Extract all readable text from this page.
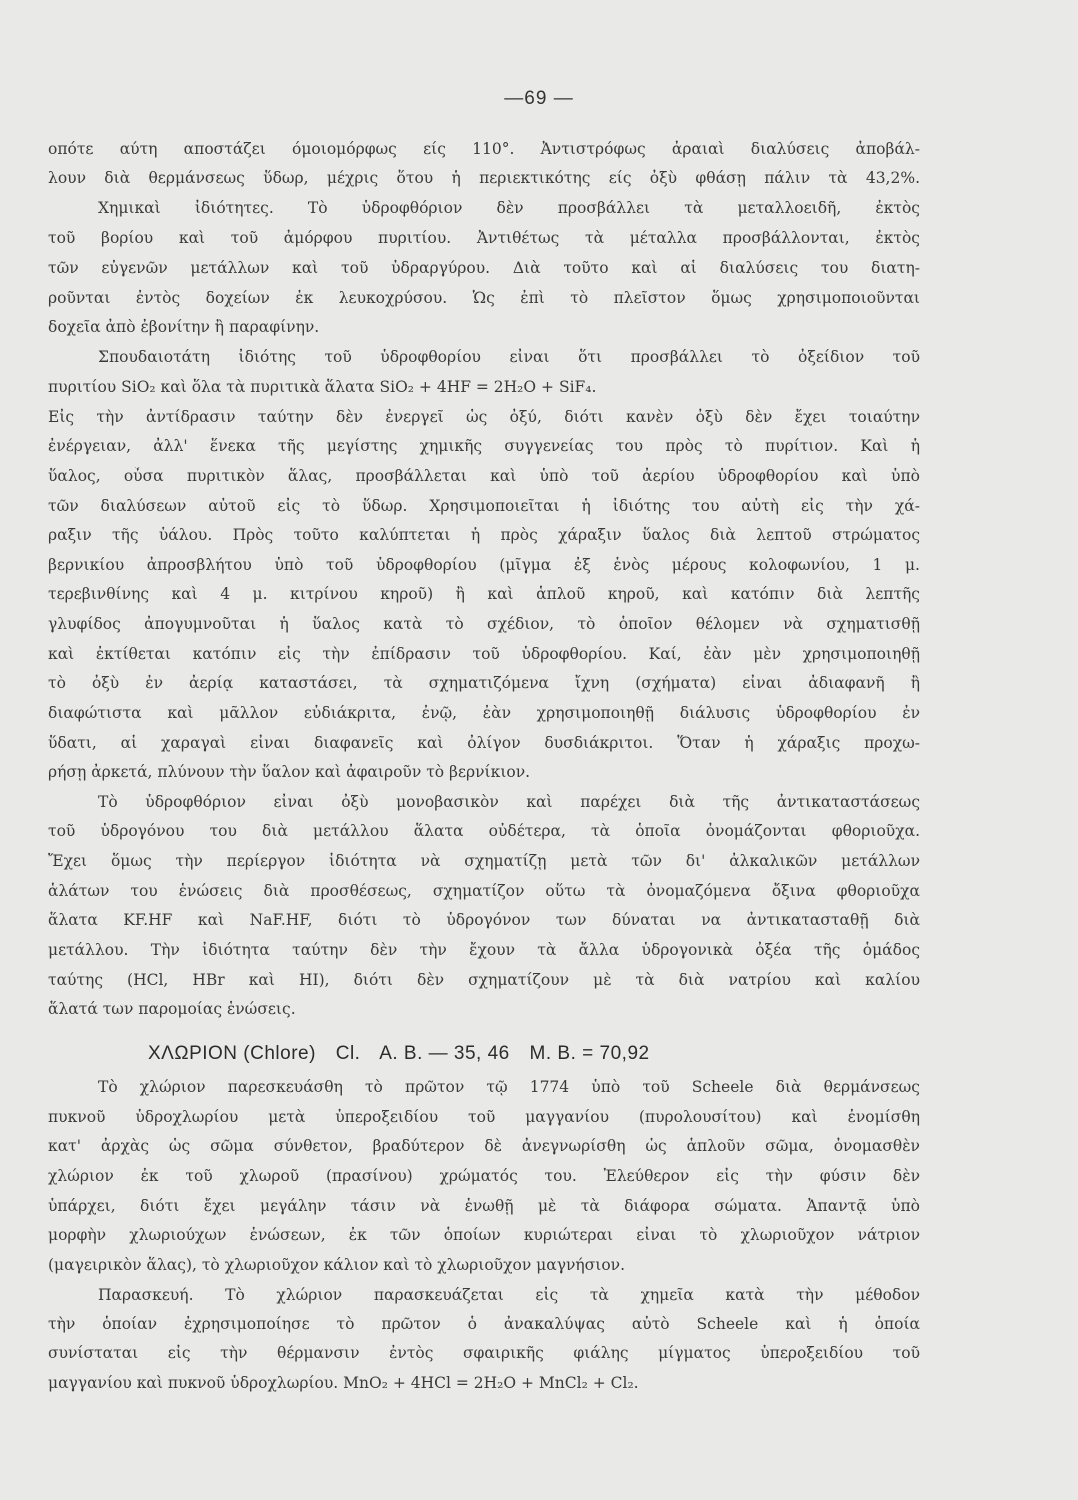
—69 —
οπότε αύτη αποστάζει όμοιομόρφως είς 110°. Ἀντιστρόφως ἀραιαὶ διαλύσεις ἀποβάλ-
λουν διὰ θερμάνσεως ὕδωρ, μέχρις ὅτου ἡ περιεκτικότης είς ὀξὺ φθάσῃ πάλιν τὰ 43,2%.
Χημικαὶ ἰδιότητες. Τὸ ὑδροφθόριον δὲν προσβάλλει τὰ μεταλλοειδῆ, ἐκτὸς
τοῦ βορίου καὶ τοῦ ἀμόρφου πυριτίου. Ἀντιθέτως τὰ μέταλλα προσβάλλονται, ἐκτὸς
τῶν εὐγενῶν μετάλλων καὶ τοῦ ὑδραργύρου. Διὰ τοῦτο καὶ αἱ διαλύσεις του διατη-
ροῦνται ἐντὸς δοχείων ἐκ λευκοχρύσου. Ὡς ἐπὶ τὸ πλεῖστον ὅμως χρησιμοποιοῦνται
δοχεῖα ἀπὸ ἐβονίτην ἢ παραφίνην.
Σπουδαιοτάτη ἰδιότης τοῦ ὑδροφθορίου εἶναι ὅτι προσβάλλει τὸ ὀξείδιον τοῦ
πυριτίου SiO₂ καὶ ὅλα τὰ πυριτικὰ ἅλατα SiO₂ + 4HF = 2H₂O + SiF₄.
Εἰς τὴν ἀντίδρασιν ταύτην δὲν ἐνεργεῖ ὡς ὀξύ, διότι κανὲν ὀξὺ δὲν ἔχει τοιαύτην
ἐνέργειαν, ἀλλ' ἕνεκα τῆς μεγίστης χημικῆς συγγενείας του πρὸς τὸ πυρίτιον. Καὶ ἡ
ὕαλος, οὖσα πυριτικὸν ἅλας, προσβάλλεται καὶ ὑπὸ τοῦ ἀερίου ὑδροφθορίου καὶ ὑπὸ
τῶν διαλύσεων αὐτοῦ εἰς τὸ ὕδωρ. Χρησιμοποιεῖται ἡ ἰδιότης του αὐτὴ εἰς τὴν χά-
ραξιν τῆς ὑάλου. Πρὸς τοῦτο καλύπτεται ἡ πρὸς χάραξιν ὕαλος διὰ λεπτοῦ στρώματος
βερνικίου ἀπροσβλήτου ὑπὸ τοῦ ὑδροφθορίου (μῖγμα ἐξ ἑνὸς μέρους κολοφωνίου, 1 μ.
τερεβινθίνης καὶ 4 μ. κιτρίνου κηροῦ) ἢ καὶ ἁπλοῦ κηροῦ, καὶ κατόπιν διὰ λεπτῆς
γλυφίδος ἀπογυμνοῦται ἡ ὕαλος κατὰ τὸ σχέδιον, τὸ ὁποῖον θέλομεν νὰ σχηματισθῇ
καὶ ἐκτίθεται κατόπιν εἰς τὴν ἐπίδρασιν τοῦ ὑδροφθορίου. Καί, ἐὰν μὲν χρησιμοποιηθῇ
τὸ ὀξὺ ἐν ἀερίᾳ καταστάσει, τὰ σχηματιζόμενα ἴχνη (σχήματα) εἶναι ἀδιαφανῆ ἢ
διαφώτιστα καὶ μᾶλλον εὐδιάκριτα, ἐνῷ, ἐὰν χρησιμοποιηθῇ διάλυσις ὑδροφθορίου ἐν
ὕδατι, αἱ χαραγαὶ εἶναι διαφανεῖς καὶ ὀλίγον δυσδιάκριτοι. Ὅταν ἡ χάραξις προχω-
ρήσῃ ἀρκετά, πλύνουν τὴν ὕαλον καὶ ἀφαιροῦν τὸ βερνίκιον.
Τὸ ὑδροφθόριον εἶναι ὀξὺ μονοβασικὸν καὶ παρέχει διὰ τῆς ἀντικαταστάσεως
τοῦ ὑδρογόνου του διὰ μετάλλου ἅλατα οὐδέτερα, τὰ ὁποῖα ὀνομάζονται φθοριοῦχα.
Ἔχει ὅμως τὴν περίεργον ἰδιότητα νὰ σχηματίζῃ μετὰ τῶν δι' ἀλκαλικῶν μετάλλων
ἁλάτων του ἑνώσεις διὰ προσθέσεως, σχηματίζον οὕτω τὰ ὀνομαζόμενα ὄξινα φθοριοῦχα
ἅλατα KF.HF καὶ NaF.HF, διότι τὸ ὑδρογόνον των δύναται να ἀντικατασταθῇ διὰ
μετάλλου. Τὴν ἰδιότητα ταύτην δὲν τὴν ἔχουν τὰ ἄλλα ὑδρογονικὰ ὀξέα τῆς ὁμάδος
ταύτης (HCl, HBr καὶ HI), διότι δὲν σχηματίζουν μὲ τὰ διὰ νατρίου καὶ καλίου
ἅλατά των παρομοίας ἑνώσεις.
ΧΛΩΡΙΟΝ (Chlore) Cl. A. B. — 35, 46 M. B. = 70,92
Τὸ χλώριον παρεσκευάσθη τὸ πρῶτον τῷ 1774 ὑπὸ τοῦ Scheele διὰ θερμάνσεως
πυκνοῦ ὑδροχλωρίου μετὰ ὑπεροξειδίου τοῦ μαγγανίου (πυρολουσίτου) καὶ ἐνομίσθη
κατ' ἀρχὰς ὡς σῶμα σύνθετον, βραδύτερον δὲ ἀνεγνωρίσθη ὡς ἁπλοῦν σῶμα, ὀνομασθὲν
χλώριον ἐκ τοῦ χλωροῦ (πρασίνου) χρώματός του. Ἐλεύθερον εἰς τὴν φύσιν δὲν
ὑπάρχει, διότι ἔχει μεγάλην τάσιν νὰ ἑνωθῇ μὲ τὰ διάφορα σώματα. Ἀπαντᾷ ὑπὸ
μορφὴν χλωριούχων ἑνώσεων, ἐκ τῶν ὁποίων κυριώτεραι εἶναι τὸ χλωριοῦχον νάτριον
(μαγειρικὸν ἅλας), τὸ χλωριοῦχον κάλιον καὶ τὸ χλωριοῦχον μαγνήσιον.
Παρασκευή. Τὸ χλώριον παρασκευάζεται εἰς τὰ χημεῖα κατὰ τὴν μέθοδον
τὴν ὁποίαν ἐχρησιμοποίησε τὸ πρῶτον ὁ ἀνακαλύψας αὐτὸ Scheele καὶ ἡ ὁποία
συνίσταται εἰς τὴν θέρμανσιν ἐντὸς σφαιρικῆς φιάλης μίγματος ὑπεροξειδίου τοῦ
μαγγανίου καὶ πυκνοῦ ὑδροχλωρίου. MnO₂ + 4HCl = 2H₂O + MnCl₂ + Cl₂.
